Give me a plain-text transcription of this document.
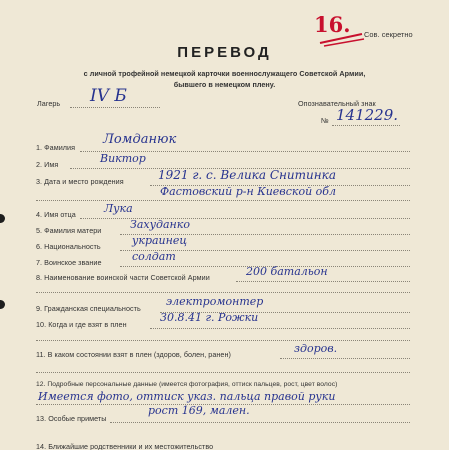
16. Сов. секретно
ПЕРЕВОД
с личной трофейной немецкой карточки военнослужащего Советской Армии,
бывшего в немецком плену.
Лагерь IV Б	Опознавательный знак
№ 141229.
1. Фамилия
Ломданюк
2. Имя	Виктор
3. Дата и место рождения	1921 г. с. Велика Снитинка
Фастовский р-н Киевской обл
4. Имя отца	Лука
5. Фамилия матери	Захуданко
6. Национальность	украинец
7. Воинское звание	солдат
8. Наименование воинской части Советской Армии	200 батальон
9. Гражданская специальность
электромонтер
10. Когда и где взят в плен
30.8.41 г. Рожки
11. В каком состоянии взят в плен (здоров, болен, ранен)	здоров.
12. Подробные персональные данные (имеется фотография, оттиск пальцев, рост, цвет волос)
Имеется фото, оттиск указ. пальца правой руки
13. Особые приметы
рост 169, мален.
14. Ближайшие родственники и их местожительство
